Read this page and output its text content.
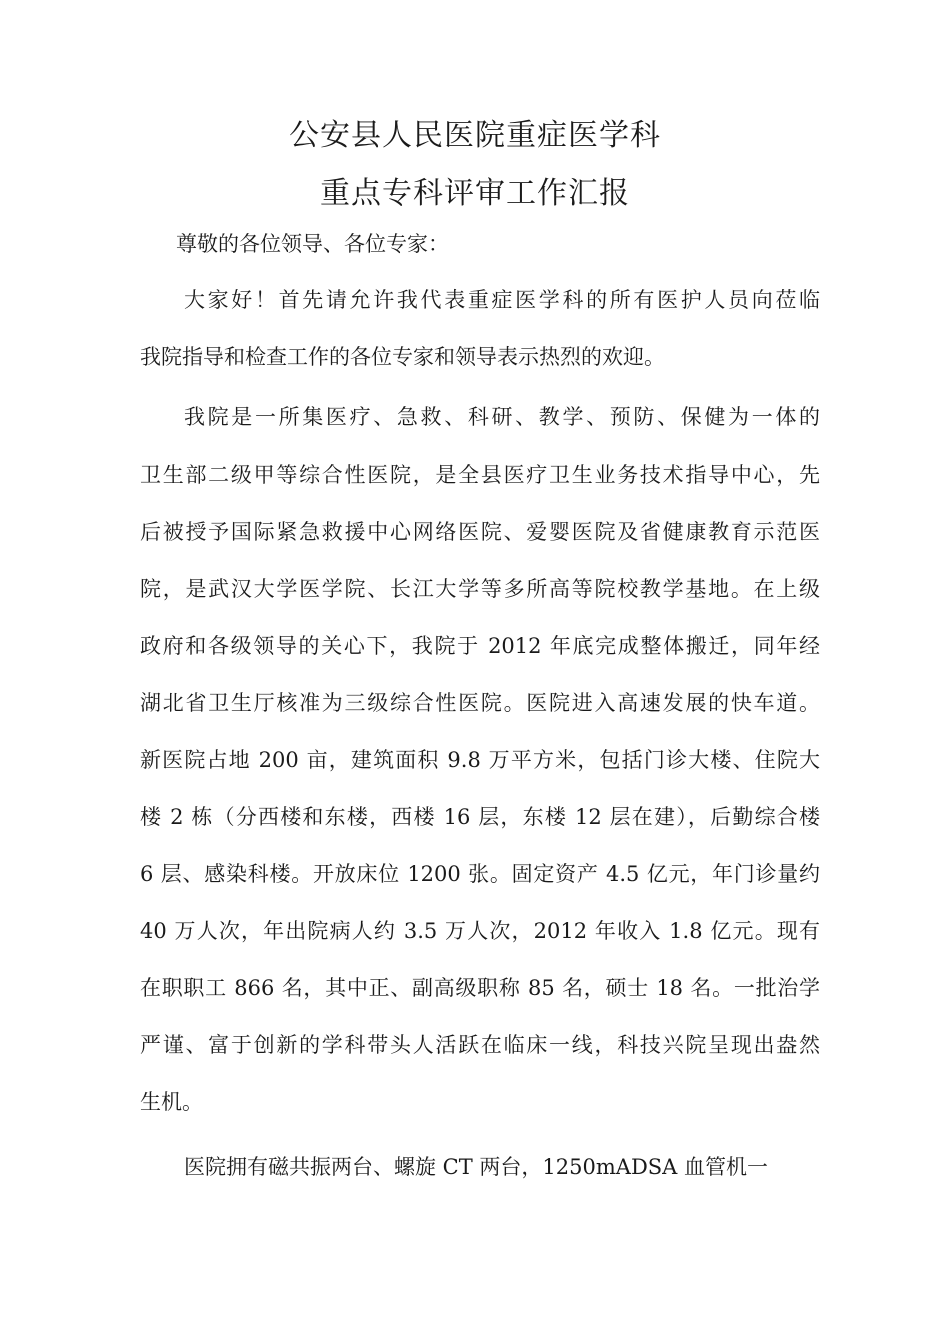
公安县人民医院重症医学科
重点专科评审工作汇报
尊敬的各位领导、各位专家：
大家好！首先请允许我代表重症医学科的所有医护人员向莅临
我院指导和检查工作的各位专家和领导表示热烈的欢迎。
我院是一所集医疗、急救、科研、教学、预防、保健为一体的
卫生部二级甲等综合性医院，是全县医疗卫生业务技术指导中心，先
后被授予国际紧急救援中心网络医院、爱婴医院及省健康教育示范医
院，是武汉大学医学院、长江大学等多所高等院校教学基地。在上级
政府和各级领导的关心下，我院于 2012 年底完成整体搬迁，同年经
湖北省卫生厅核准为三级综合性医院。医院进入高速发展的快车道。
新医院占地 200 亩，建筑面积 9.8 万平方米，包括门诊大楼、住院大
楼 2 栋（分西楼和东楼，西楼 16 层，东楼 12 层在建），后勤综合楼
6 层、感染科楼。开放床位 1200 张。固定资产 4.5 亿元，年门诊量约
40 万人次，年出院病人约 3.5 万人次，2012 年收入 1.8 亿元。现有
在职职工 866 名，其中正、副高级职称 85 名，硕士 18 名。一批治学
严谨、富于创新的学科带头人活跃在临床一线，科技兴院呈现出盎然
生机。
医院拥有磁共振两台、螺旋 CT 两台，1250mADSA 血管机一
